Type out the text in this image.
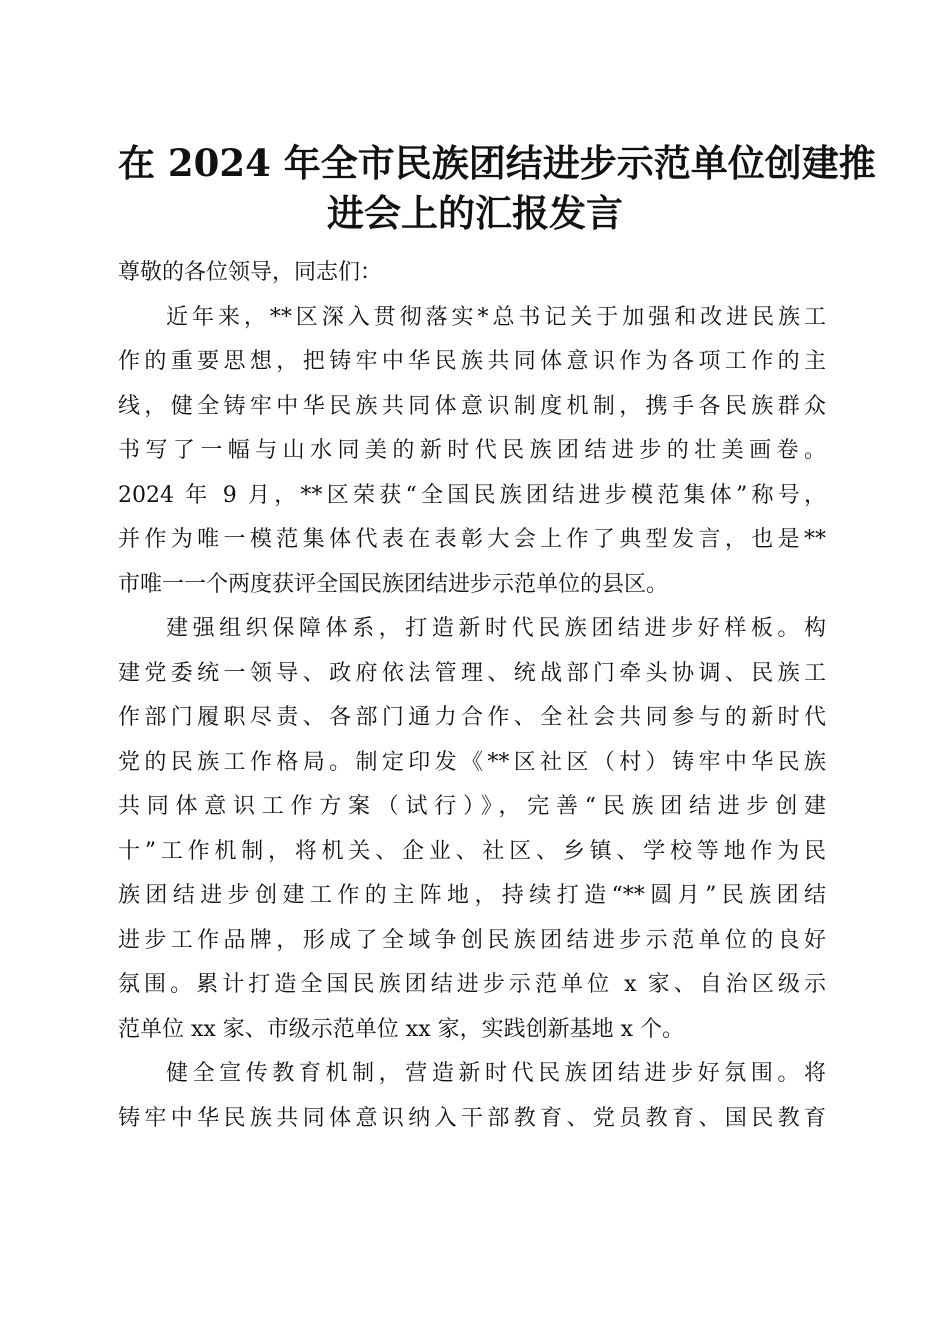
在 2024 年全市民族团结进步示范单位创建推
进会上的汇报发言
尊敬的各位领导，同志们：
近年来，**区深入贯彻落实*总书记关于加强和改进民族工
作的重要思想，把铸牢中华民族共同体意识作为各项工作的主
线，健全铸牢中华民族共同体意识制度机制，携手各民族群众
书写了一幅与山水同美的新时代民族团结进步的壮美画卷。
2024 年 9 月，**区荣获“全国民族团结进步模范集体”称号，
并作为唯一模范集体代表在表彰大会上作了典型发言，也是**
市唯一一个两度获评全国民族团结进步示范单位的县区。
建强组织保障体系，打造新时代民族团结进步好样板。构
建党委统一领导、政府依法管理、统战部门牵头协调、民族工
作部门履职尽责、各部门通力合作、全社会共同参与的新时代
党的民族工作格局。制定印发《**区社区（村）铸牢中华民族
共同体意识工作方案（试行）》，完善“民族团结进步创建
十”工作机制，将机关、企业、社区、乡镇、学校等地作为民
族团结进步创建工作的主阵地，持续打造“**圆月”民族团结
进步工作品牌，形成了全域争创民族团结进步示范单位的良好
氛围。累计打造全国民族团结进步示范单位 x 家、自治区级示
范单位 xx 家、市级示范单位 xx 家，实践创新基地 x 个。
健全宣传教育机制，营造新时代民族团结进步好氛围。将
铸牢中华民族共同体意识纳入干部教育、党员教育、国民教育
